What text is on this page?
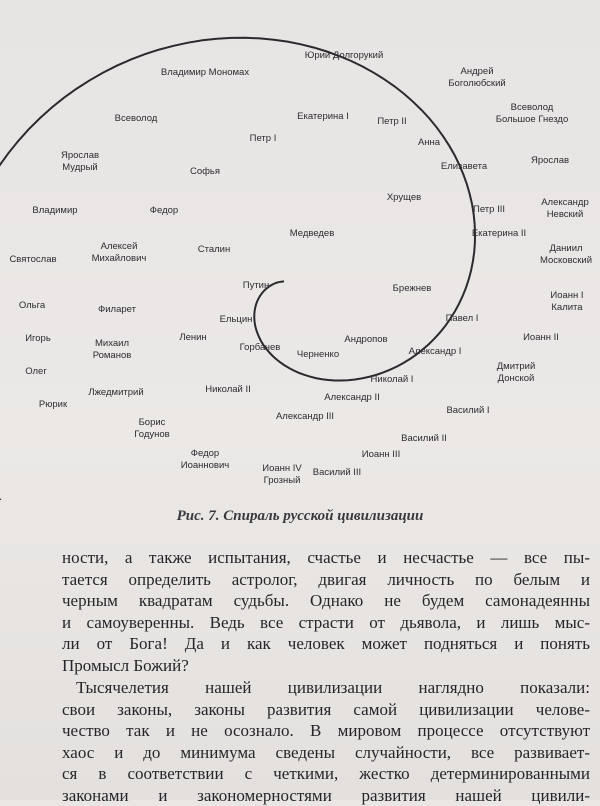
Рюрик
Олег
Игорь
Ольга
Святослав
Владимир
Ярослав Мудрый
Всеволод
Владимир Мономах
Юрий Долгорукий
Андрей Боголюбский
Всеволод Большое Гнездо
Ярослав
Александр Невский
Даниил Московский
Иоанн I Калита
Иоанн II
Дмитрий Донской
Василий I
Василий II
Иоанн III
Василий III
Иоанн IV Грозный
Федор Иоаннович
Борис Годунов
Лжедмитрий
Михаил Романов
Филарет
Алексей Михайлович
Федор
Софья
Петр I
Екатерина I	Петр II
Анна
Елизавета
Петр III
Екатерина II
Павел I
Александр I
Николай I
Александр II
Александр III
Николай II
Ленин
Сталин
Хрущев
Брежнев
Андропов
Черненко
Горбачев
Ельцин
Путин
Медведев
Рис. 7. Спираль русской цивилизации
ности, а также испытания, счастье и несчастье — все пы-
тается определить астролог, двигая личность по белым и
черным квадратам судьбы. Однако не будем самонадеянны
и самоуверенны. Ведь все страсти от дьявола, и лишь мыс-
ли от Бога! Да и как человек может подняться и понять
Промысл Божий?
Тысячелетия нашей цивилизации наглядно показали:
свои законы, законы развития самой цивилизации челове-
чество так и не осознало. В мировом процессе отсутствуют
хаос и до минимума сведены случайности, все развивает-
ся в соответствии с четкими, жестко детерминированными
законами и закономерностями развития нашей цивили-
